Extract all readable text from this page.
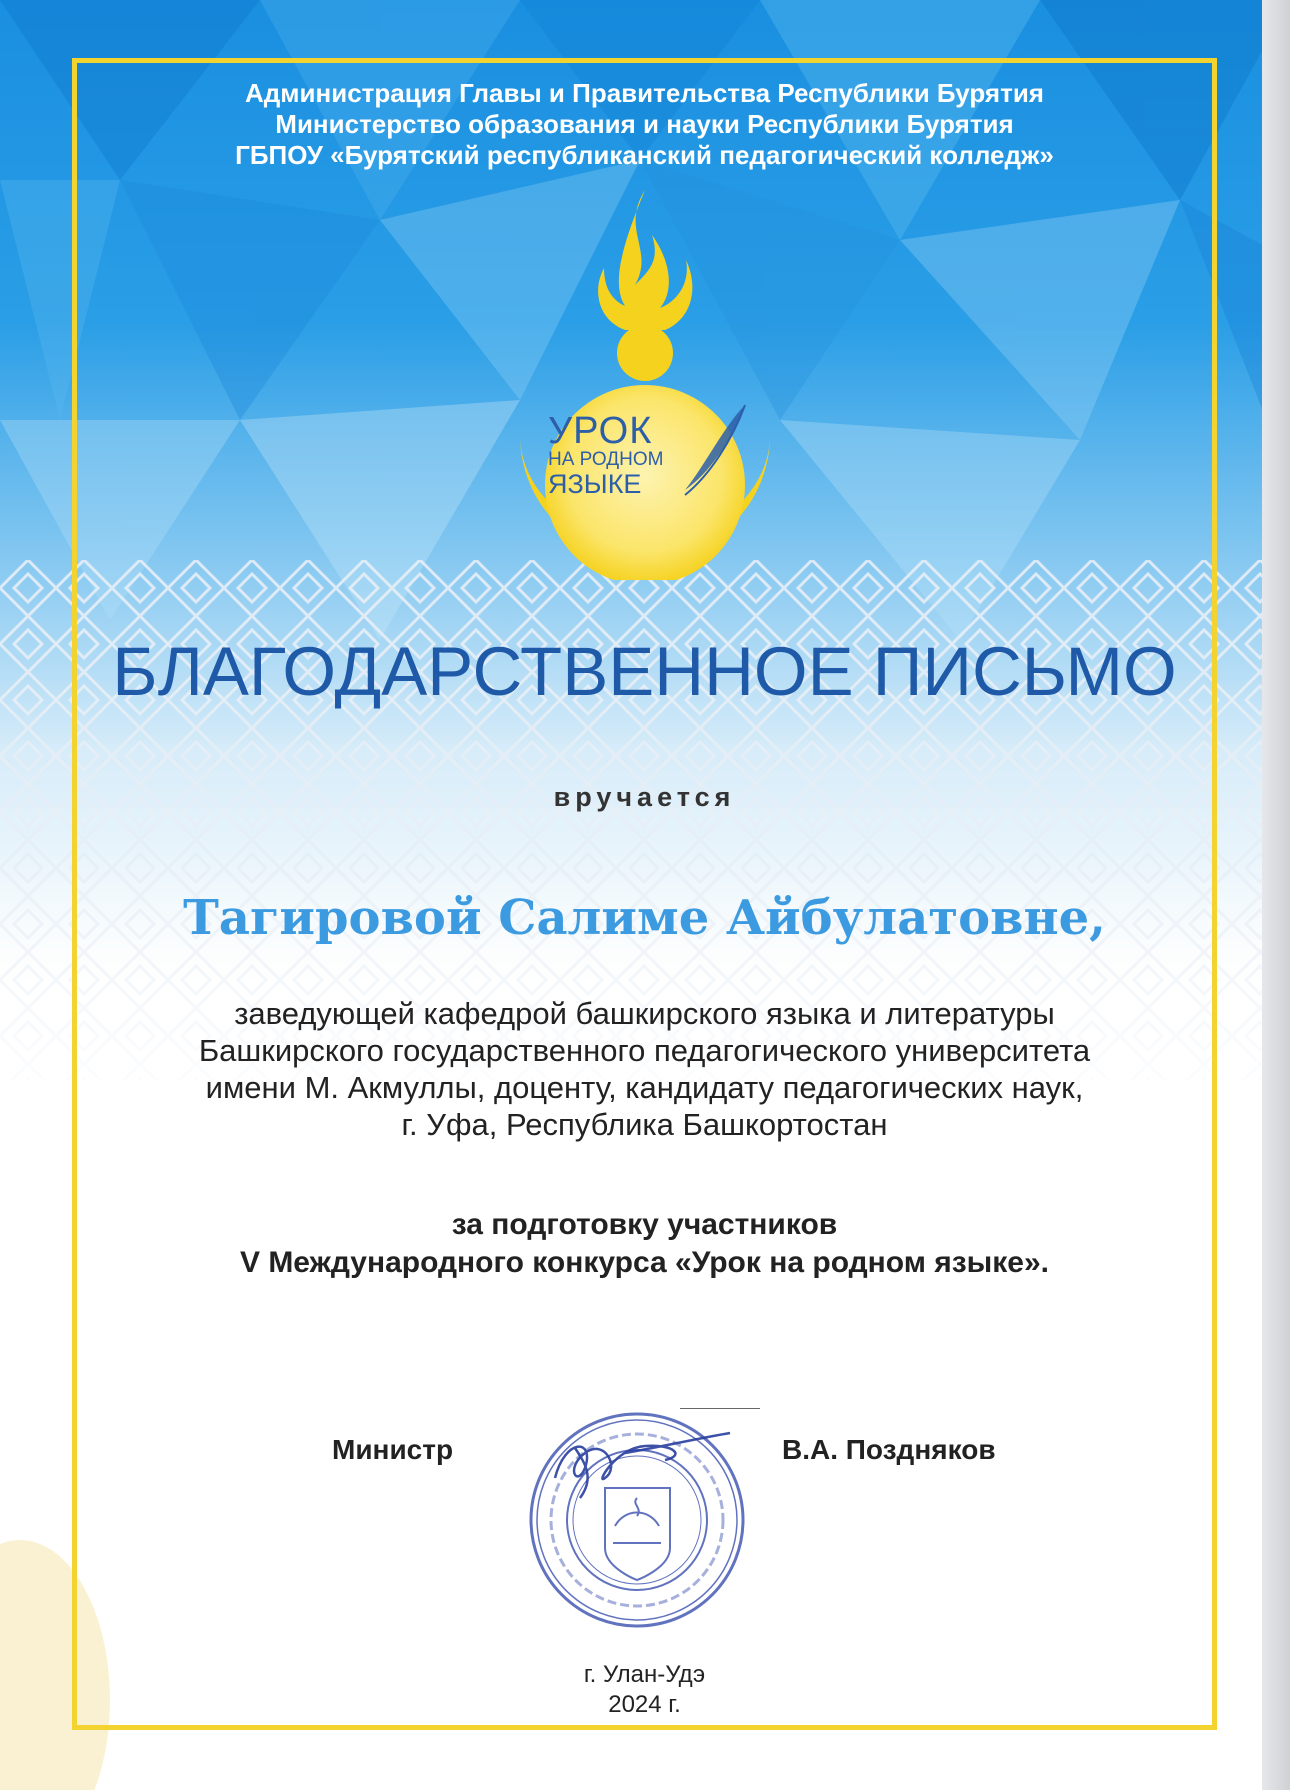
Администрация Главы и Правительства Республики Бурятия
Министерство образования и науки Республики Бурятия
ГБПОУ «Бурятский республиканский педагогический колледж»
УРОК
НА РОДНОМ
ЯЗЫКЕ
БЛАГОДАРСТВЕННОЕ ПИСЬМО
вручается
Тагировой Салиме Айбулатовне,
заведующей кафедрой башкирского языка и литературы
Башкирского государственного педагогического университета
имени М. Акмуллы, доценту, кандидату педагогических наук,
г. Уфа, Республика Башкортостан
за подготовку участников
V Международного конкурса «Урок на родном языке».
Министр	В.А. Поздняков
г. Улан-Удэ
2024 г.
